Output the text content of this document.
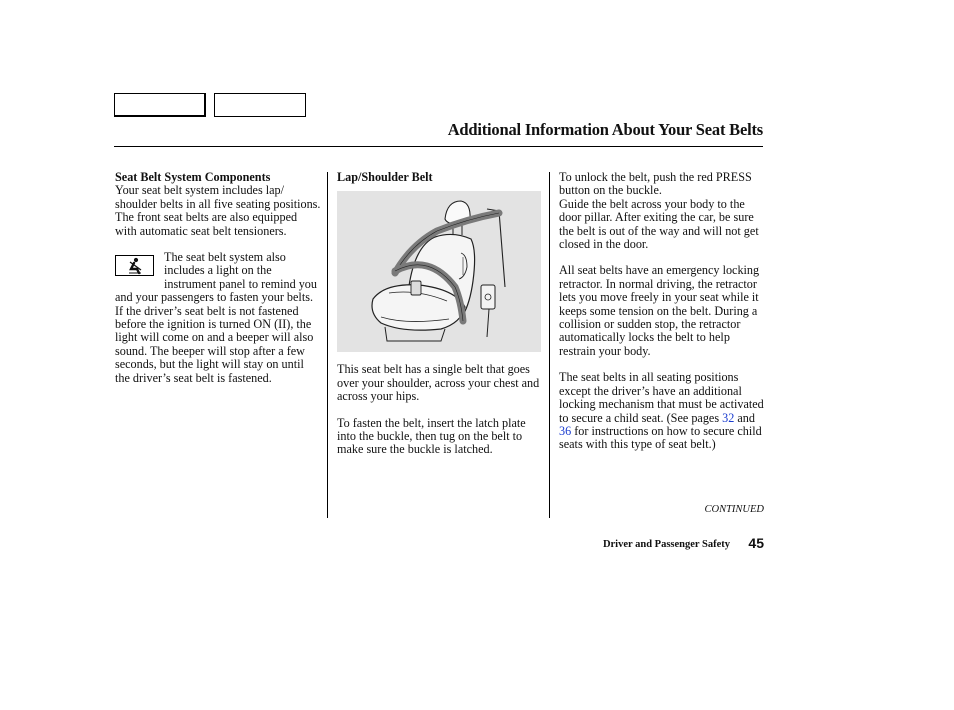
Additional Information About Your Seat Belts

Seat Belt System Components

Your seat belt system includes lap/ shoulder belts in all five seating positions. The front seat belts are also equipped with automatic seat belt tensioners.

The seat belt system also includes a light on the instrument panel to remind you and your passengers to fasten your belts. If the driver’s seat belt is not fastened before the ignition is turned ON (II), the light will come on and a beeper will also sound. The beeper will stop after a few seconds, but the light will stay on until the driver’s seat belt is fastened.

Lap/Shoulder Belt

This seat belt has a single belt that goes over your shoulder, across your chest and across your hips.

To fasten the belt, insert the latch plate into the buckle, then tug on the belt to make sure the buckle is latched.

To unlock the belt, push the red PRESS button on the buckle.

Guide the belt across your body to the door pillar. After exiting the car, be sure the belt is out of the way and will not get closed in the door.

All seat belts have an emergency locking retractor. In normal driving, the retractor lets you move freely in your seat while it keeps some tension on the belt. During a collision or sudden stop, the retractor automatically locks the belt to help restrain your body.

The seat belts in all seating positions except the driver’s have an additional locking mechanism that must be activated to secure a child seat. (See pages 32 and 36 for instructions on how to secure child seats with this type of seat belt.)

CONTINUED
Driver and Passenger Safety	45
